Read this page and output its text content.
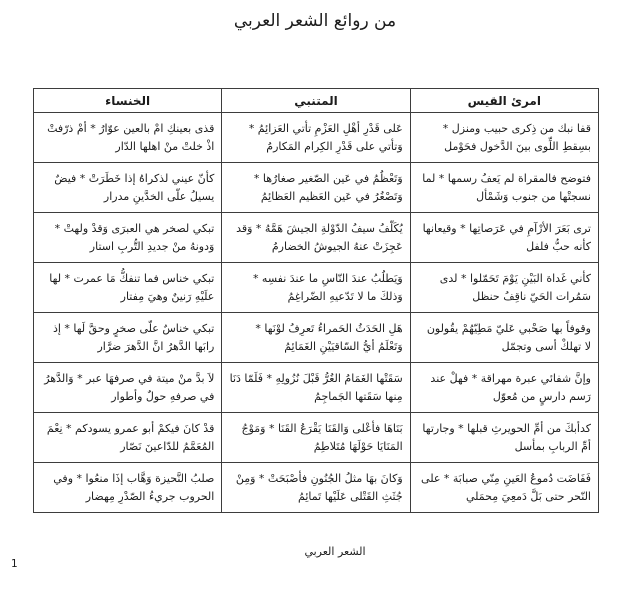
من روائع الشعر العربي
امرئ القيس	المتنبي	الخنساء
قفا نبك من ذِكرى حبيب ومنزل * بسِقطِ اللِّوى بينَ الدَّخول فحَوْمل	عَلى قَدْرِ أهْلِ العَزْمِ تأتي العَزائِمُ * وَتأتي على قَدْرِ الكِرام المَكارمُ	قذى بعينكِ امْ بالعين عوّارُ * أمْ ذرّفتْ اذْ خلتْ منْ اهلها الدّار
فتوضح فالمقراة لم يَعفُ رسمها * لما نسجتْها من جنوب وَشَمْأل	وَتَعْظُمُ في عَين الصّغير صغارُها * وَتَصْغُرُ في عَين العَظيم العَظائِمُ	كأنّ عيني لذكراهُ إذا خَطَرَتْ * فيضٌ يسيلُ علّى الخدَّينِ مدرار
ترى بَعَرَ الأرْآمِ في عَرَصاتِها * وقيعانها كأنه حبُّ فلفل	يُكَلّفُ سيفُ الدّوْلةِ الجيشَ هَمَّهُ * وَقد عَجِزَتْ عنهُ الجيوشُ الخضارمُ	تبكي لصخر هي العبرَى وَقدْ ولهتْ * وَدونهُ منْ جديدِ التُّربِ استار
كأني غَداة البَيْنِ يَوْمَ تَحَمّلوا * لدى سَمُرات الحَيّ ناقِفُ حنظل	وَيَطلُبُ عندَ النّاسِ ما عندَ نفسِه * وَذلكَ ما لا تَدّعيهِ الضّراغِمُ	تبكي خناس فما تنفكُّ مَا عمرت * لها علَيْهِ رَنينٌ وهيَ مِفتار
وقوفاً بها صَحْبي عَليّ مَطِيّهُمْ يقُولون لا تهلكْ أسى وتجمّل	هَلِ الحَدَثُ الحَمراءُ تَعرِفُ لوْنَها * وَتَعْلَمُ أيُّ السّاقيَيْنِ الغَمَائِمُ	تبكي خناسٌ علّى صخرٍ وحقَّ لَها * إذ رابَها الدَّهرُ انَّ الدَّهرَ ضرَّار
وإنَّ شفائي عبرة مهراقة * فهلْ عند رَسم دارسٍ من مُعوّل	سَقَتْها الغَمَامُ الغُرُّ قَبْلَ نُزُولِهِ * فَلَمّا دَنَا مِنها سَقَتها الجَماجِمُ	لاَ بدَّ منْ ميتة في صرفهَا عبر * وَالدَّهرُ في صرفهِ حولٌ وأطوار
كدأبكَ من أمِّ الحويرثِ قبلها * وجارتها أمِّ الربابِ بمأسل	بَنَاهَا فأعْلى وَالقَنَا يَقْرَعُ القَنَا * وَمَوْجُ المَنَايَا حَوْلَهَا مُتَلاطِمُ	قدْ كانَ فيكمْ أبو عمرو يسودكم * نِعْمَ المُعَمَّمُ للدّاعينَ نَصّار
فَفَاضَت دُموعُ العَينِ مِنّي صبابَة * على النّحر حتى بَلَّ دَمعِيَ مِحمَلي	وَكانَ بهَا مثلُ الجُنُونِ فأصْبَحَتْ * وَمِنْ جُثَثِ القَتْلى عَلَيْها تَمائِمُ	صلبُ النَّحيزة وَهَّاب إذَا منعُوا * وفي الحروب جريءُ الصّدْرِ مِهضار
الشعر العربي
1
